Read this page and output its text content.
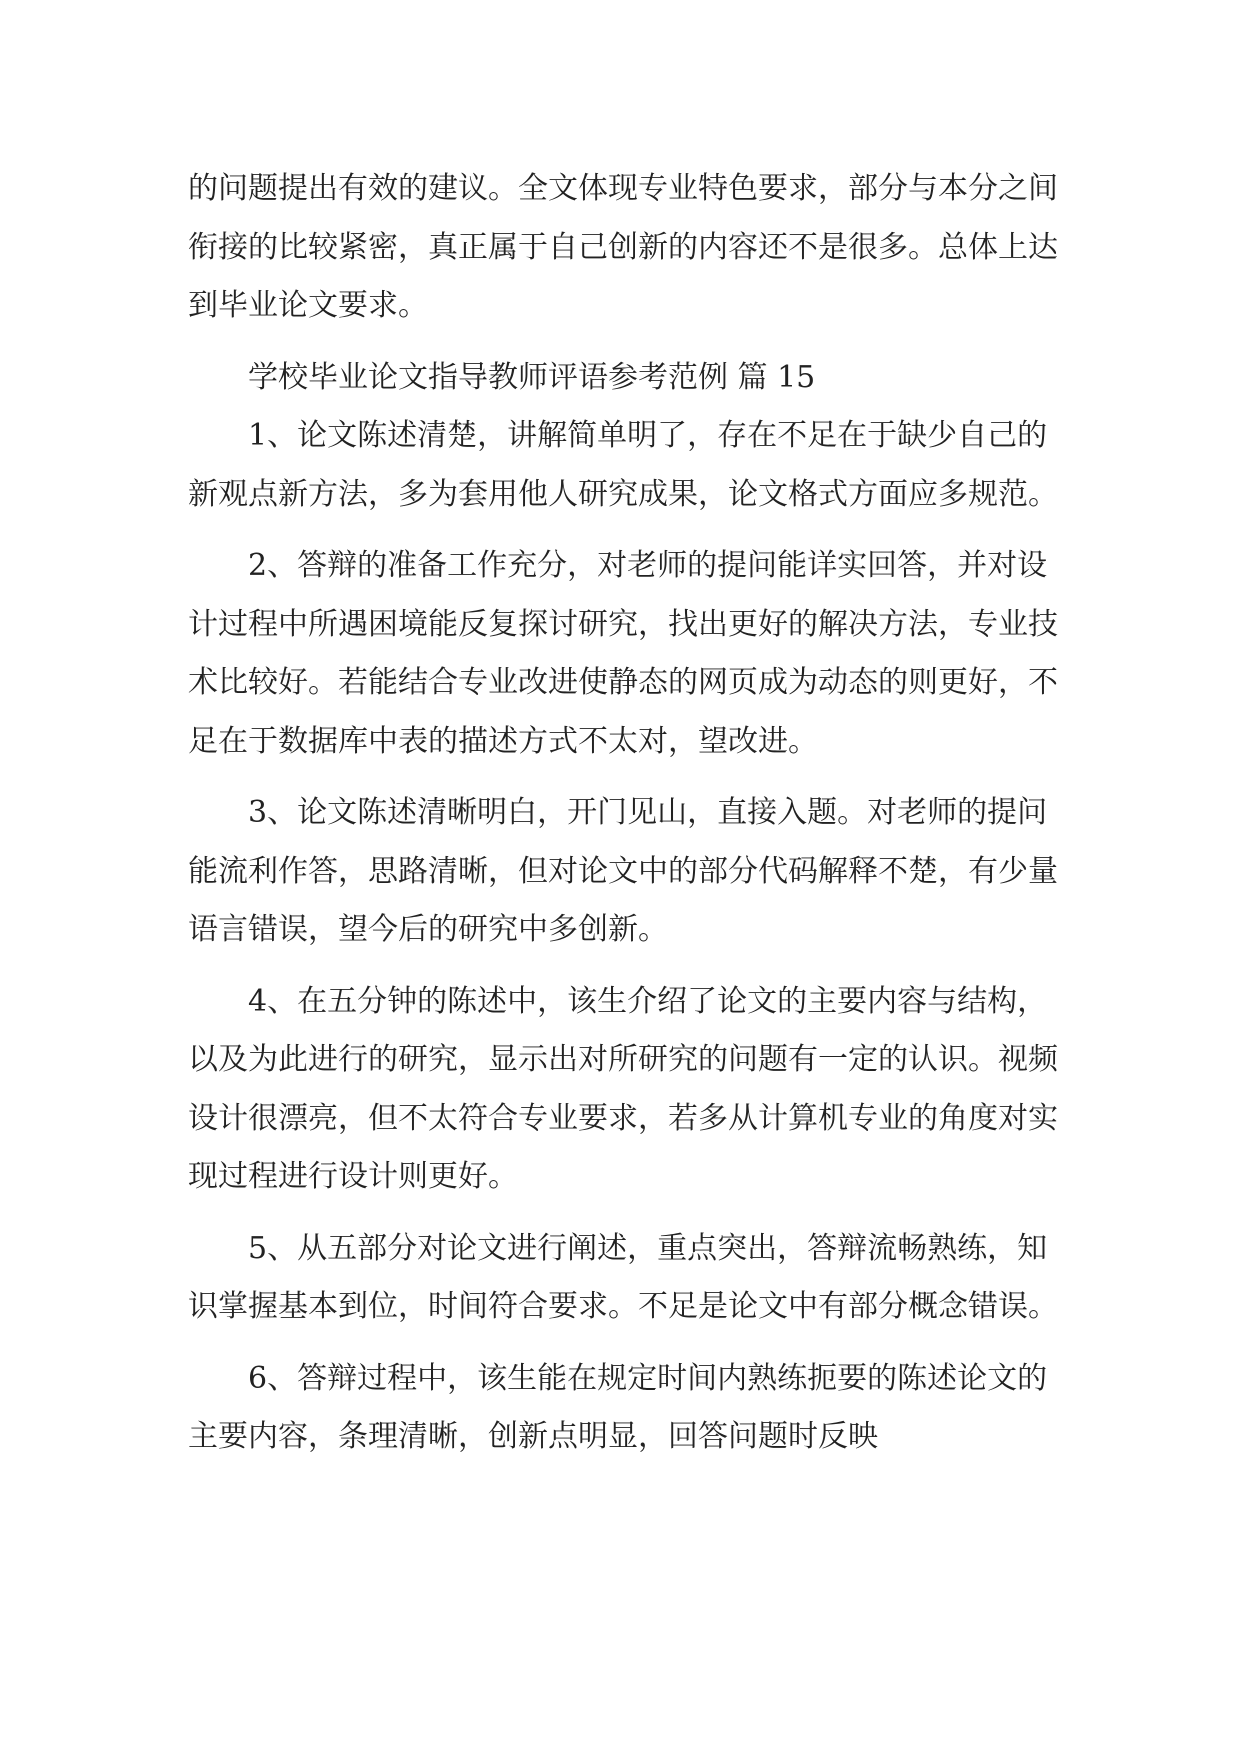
的问题提出有效的建议。全文体现专业特色要求，部分与本分之间衔接的比较紧密，真正属于自己创新的内容还不是很多。总体上达到毕业论文要求。

学校毕业论文指导教师评语参考范例 篇 15

1、论文陈述清楚，讲解简单明了，存在不足在于缺少自己的新观点新方法，多为套用他人研究成果，论文格式方面应多规范。

2、答辩的准备工作充分，对老师的提问能详实回答，并对设计过程中所遇困境能反复探讨研究，找出更好的解决方法，专业技术比较好。若能结合专业改进使静态的网页成为动态的则更好，不足在于数据库中表的描述方式不太对，望改进。

3、论文陈述清晰明白，开门见山，直接入题。对老师的提问能流利作答，思路清晰，但对论文中的部分代码解释不楚，有少量语言错误，望今后的研究中多创新。

4、在五分钟的陈述中，该生介绍了论文的主要内容与结构，以及为此进行的研究，显示出对所研究的问题有一定的认识。视频设计很漂亮，但不太符合专业要求，若多从计算机专业的角度对实现过程进行设计则更好。

5、从五部分对论文进行阐述，重点突出，答辩流畅熟练，知识掌握基本到位，时间符合要求。不足是论文中有部分概念错误。

6、答辩过程中，该生能在规定时间内熟练扼要的陈述论文的主要内容，条理清晰，创新点明显，回答问题时反映
